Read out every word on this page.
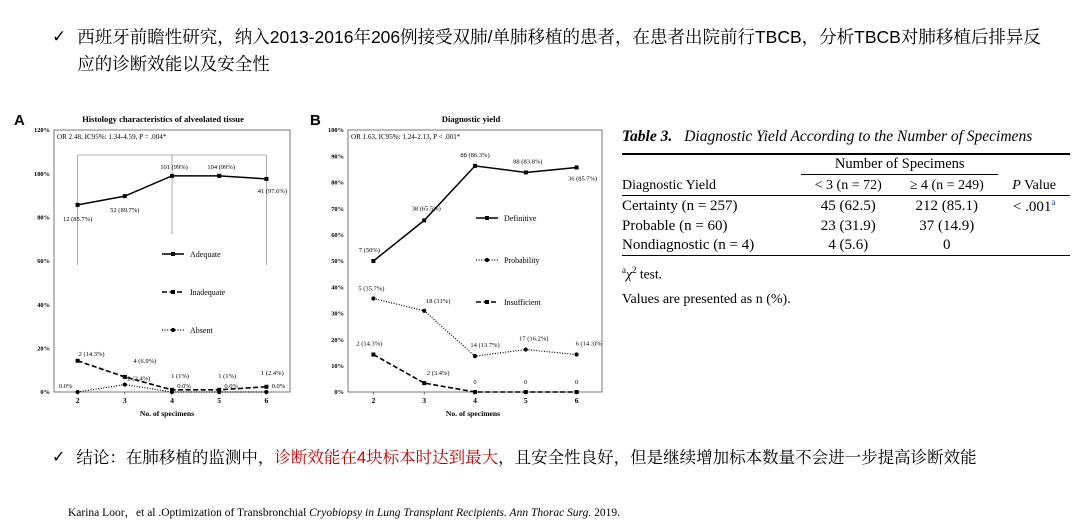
✓ 西班牙前瞻性研究，纳入2013-2016年206例接受双肺/单肺移植的患者，在患者出院前行TBCB，分析TBCB对肺移植后排异反应的诊断效能以及安全性
A	Histology characteristics of alveolated tissue
0%
20%
40%
60%
80%
100%
120%
2	3	4	5	6
OR 2.48, IC95%: 1.34-4.59, P = .004*
12 (85.7%)
52 (89.7%)
101 (99%)	104 (99%)
41 (97.6%)
2 (14.3%)
4 (6.9%)
1 (1%)	1 (1%)	1 (2.4%)
0.0%
2 (3.4%)
0.0%	0.0%	0.0%
Adequate
Inadequate
Absent
No. of specimens
B	Diagnostic yield
0%
10%
20%
30%
40%
50%
60%
70%
80%
90%
100%
2	3	4	5	6
OR 1.63, IC95%: 1.24-2.13, P < .001*
7 (50%)
38 (65.5%)
88 (86.3%)
88 (83.8%)
36 (85.7%)
5 (35.7%)
18 (31%)
14 (13.7%)
17 (16.2%)
6 (14.3)%
2 (14.3%)
2 (3.4%)
0	0	0
Definitive
Probability
Insufficient
No. of specimens
Table 3. Diagnostic Yield According to the Number of Specimens
	Number of Specimens		
Diagnostic Yield	< 3 (n = 72)	≥ 4 (n = 249)	P Value
Certainty (n = 257)	45 (62.5)	212 (85.1)	< .001$^a$
Probable (n = 60)	23 (31.9)	37 (14.9)	
Nondiagnostic (n = 4)	4 (5.6)	0	

$^a\chi^2$ test.
Values are presented as n (%).
✓ 结论：在肺移植的监测中，诊断效能在4块标本时达到最大，且安全性良好，但是继续增加标本数量不会进一步提高诊断效能
Karina Loor，et al .Optimization of Transbronchial Cryobiopsy in Lung Transplant Recipients. Ann Thorac Surg. 2019.
